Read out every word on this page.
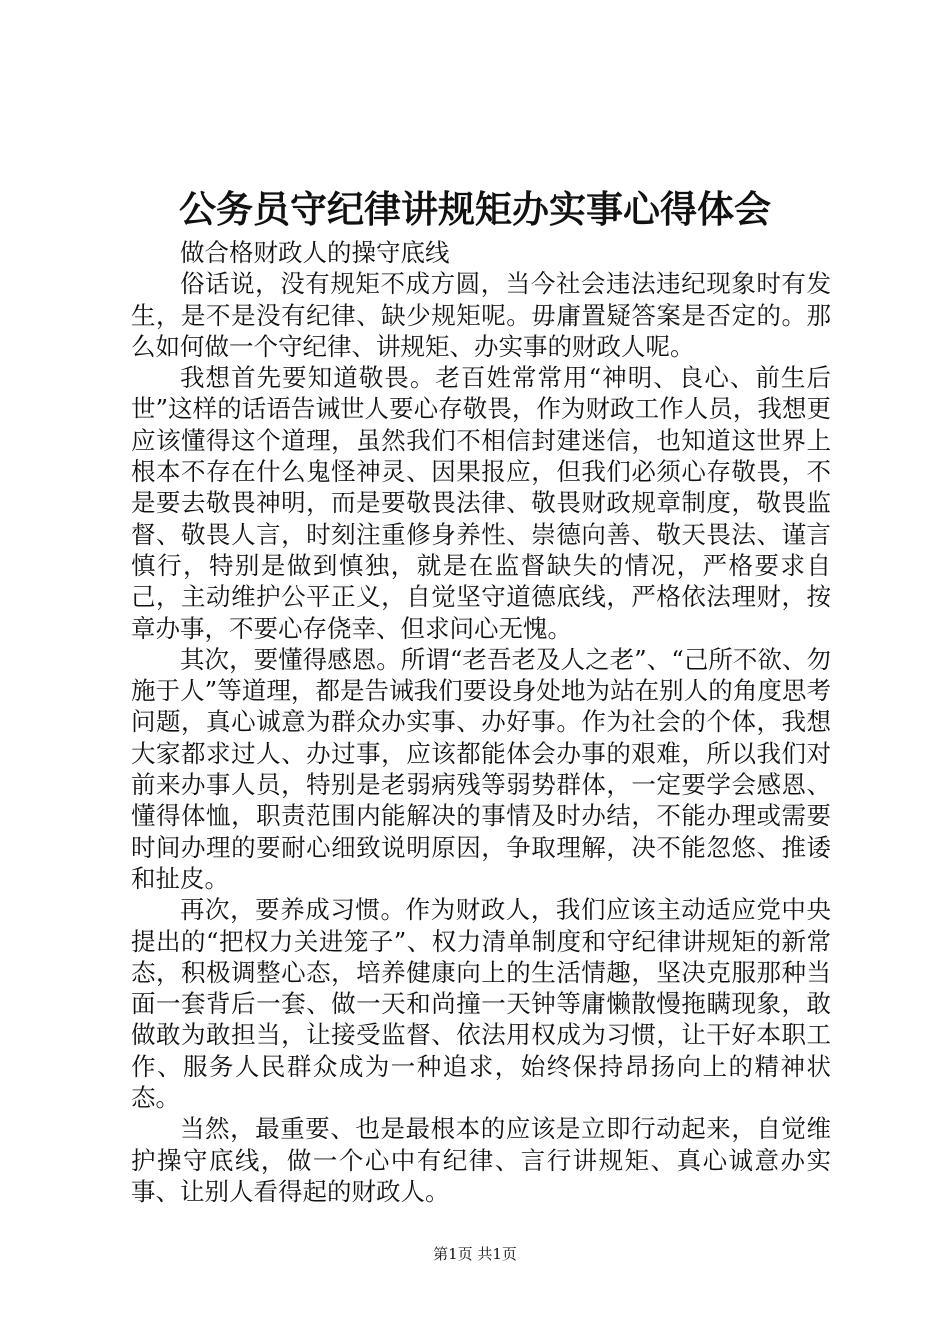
公务员守纪律讲规矩办实事心得体会

做合格财政人的操守底线

俗话说，没有规矩不成方圆，当今社会违法违纪现象时有发生，是不是没有纪律、缺少规矩呢。毋庸置疑答案是否定的。那么如何做一个守纪律、讲规矩、办实事的财政人呢。

我想首先要知道敬畏。老百姓常常用“神明、良心、前生后世”这样的话语告诫世人要心存敬畏，作为财政工作人员，我想更应该懂得这个道理，虽然我们不相信封建迷信，也知道这世界上根本不存在什么鬼怪神灵、因果报应，但我们必须心存敬畏，不是要去敬畏神明，而是要敬畏法律、敬畏财政规章制度，敬畏监督、敬畏人言，时刻注重修身养性、崇德向善、敬天畏法、谨言慎行，特别是做到慎独，就是在监督缺失的情况，严格要求自己，主动维护公平正义，自觉坚守道德底线，严格依法理财，按章办事，不要心存侥幸、但求问心无愧。

其次，要懂得感恩。所谓“老吾老及人之老”、“己所不欲、勿施于人”等道理，都是告诫我们要设身处地为站在别人的角度思考问题，真心诚意为群众办实事、办好事。作为社会的个体，我想大家都求过人、办过事，应该都能体会办事的艰难，所以我们对前来办事人员，特别是老弱病残等弱势群体，一定要学会感恩、懂得体恤，职责范围内能解决的事情及时办结，不能办理或需要时间办理的要耐心细致说明原因，争取理解，决不能忽悠、推诿和扯皮。

再次，要养成习惯。作为财政人，我们应该主动适应党中央提出的“把权力关进笼子”、权力清单制度和守纪律讲规矩的新常态，积极调整心态，培养健康向上的生活情趣，坚决克服那种当面一套背后一套、做一天和尚撞一天钟等庸懒散慢拖瞒现象，敢做敢为敢担当，让接受监督、依法用权成为习惯，让干好本职工作、服务人民群众成为一种追求，始终保持昂扬向上的精神状态。

当然，最重要、也是最根本的应该是立即行动起来，自觉维护操守底线，做一个心中有纪律、言行讲规矩、真心诚意办实事、让别人看得起的财政人。

第1页 共1页
